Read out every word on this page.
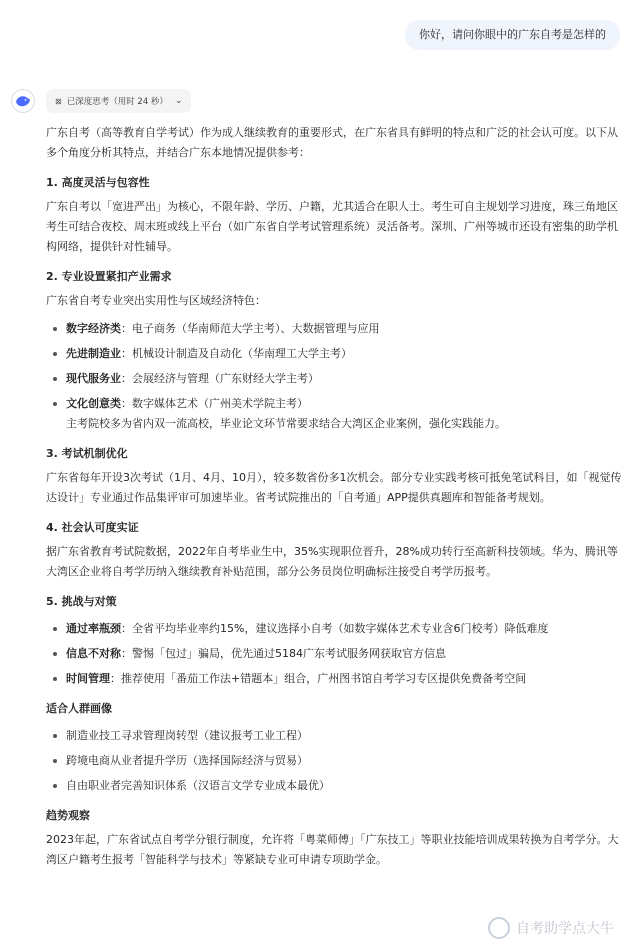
你好，请问你眼中的广东自考是怎样的
⊠ 已深度思考（用时 24 秒） ⌄

广东自考（高等教育自学考试）作为成人继续教育的重要形式，在广东省具有鲜明的特点和广泛的社会认可度。以下从多个角度分析其特点，并结合广东本地情况提供参考：

1. 高度灵活与包容性

广东自考以「宽进严出」为核心，不限年龄、学历、户籍，尤其适合在职人士。考生可自主规划学习进度，珠三角地区考生可结合夜校、周末班或线上平台（如广东省自学考试管理系统）灵活备考。深圳、广州等城市还设有密集的助学机构网络，提供针对性辅导。

2. 专业设置紧扣产业需求

广东省自考专业突出实用性与区域经济特色：

数字经济类：电子商务（华南师范大学主考）、大数据管理与应用
先进制造业：机械设计制造及自动化（华南理工大学主考）
现代服务业：会展经济与管理（广东财经大学主考）
文化创意类：数字媒体艺术（广州美术学院主考）
主考院校多为省内双一流高校，毕业论文环节常要求结合大湾区企业案例，强化实践能力。
3. 考试机制优化

广东省每年开设3次考试（1月、4月、10月），较多数省份多1次机会。部分专业实践考核可抵免笔试科目，如「视觉传达设计」专业通过作品集评审可加速毕业。省考试院推出的「自考通」APP提供真题库和智能备考规划。

4. 社会认可度实证

据广东省教育考试院数据，2022年自考毕业生中，35%实现职位晋升，28%成功转行至高新科技领域。华为、腾讯等大湾区企业将自考学历纳入继续教育补贴范围，部分公务员岗位明确标注接受自考学历报考。

5. 挑战与对策
通过率瓶颈：全省平均毕业率约15%，建议选择小自考（如数字媒体艺术专业含6门校考）降低难度
信息不对称：警惕「包过」骗局，优先通过5184广东考试服务网获取官方信息
时间管理：推荐使用「番茄工作法+错题本」组合，广州图书馆自考学习专区提供免费备考空间
适合人群画像
制造业技工寻求管理岗转型（建议报考工业工程）
跨境电商从业者提升学历（选择国际经济与贸易）
自由职业者完善知识体系（汉语言文学专业成本最优）
趋势观察

2023年起，广东省试点自考学分银行制度，允许将「粤菜师傅」「广东技工」等职业技能培训成果转换为自考学分。大湾区户籍考生报考「智能科学与技术」等紧缺专业可申请专项助学金。

自考助学点大牛
